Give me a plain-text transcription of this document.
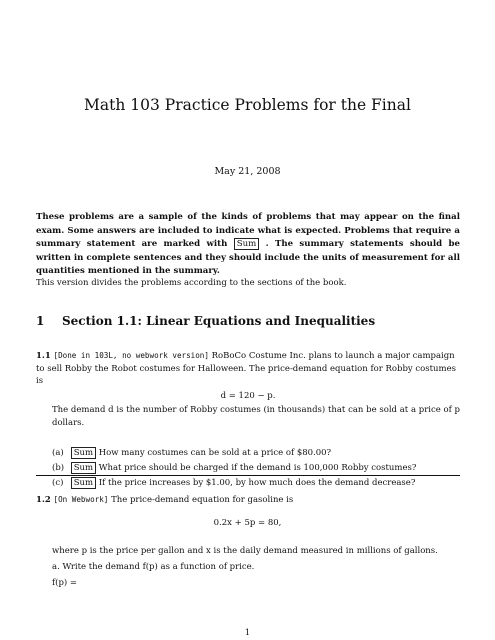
Math 103 Practice Problems for the Final
May 21, 2008
These problems are a sample of the kinds of problems that may appear on the final exam. Some answers are included to indicate what is expected. Problems that require a summary statement are marked with Sum . The summary statements should be written in complete sentences and they should include the units of measurement for all quantities mentioned in the summary.
This version divides the problems according to the sections of the book.
1 Section 1.1: Linear Equations and Inequalities
1.1 [Done in 103L, no webwork version] RoBoCo Costume Inc. plans to launch a major campaign to sell Robby the Robot costumes for Halloween. The price-demand equation for Robby costumes is
d = 120 − p.
The demand d is the number of Robby costumes (in thousands) that can be sold at a price of p dollars.
(a) Sum How many costumes can be sold at a price of $80.00?
(b) Sum What price should be charged if the demand is 100,000 Robby costumes?
(c) Sum If the price increases by $1.00, by how much does the demand decrease?
1.2 [On Webwork] The price-demand equation for gasoline is
0.2x + 5p = 80,
where p is the price per gallon and x is the daily demand measured in millions of gallons.
a. Write the demand f(p) as a function of price.
f(p) =
1
